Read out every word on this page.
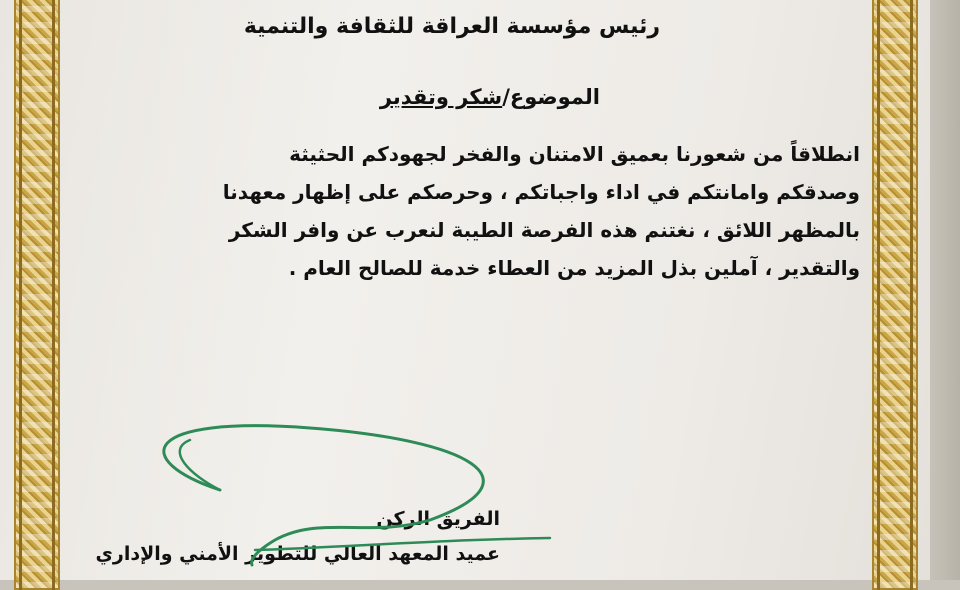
رئيس مؤسسة العراقة للثقافة والتنمية
الموضوع/شكر وتقدير
انطلاقاً من شعورنا بعميق الامتنان والفخر لجهودكم الحثيثة
وصدقكم وامانتكم في اداء واجباتكم ، وحرصكم على إظهار معهدنا
بالمظهر اللائق ، نغتنم هذه الفرصة الطيبة لنعرب عن وافر الشكر
والتقدير ، آملين بذل المزيد من العطاء خدمة للصالح العام .
الفريق الركن
عميد المعهد العالي للتطوير الأمني والإداري
